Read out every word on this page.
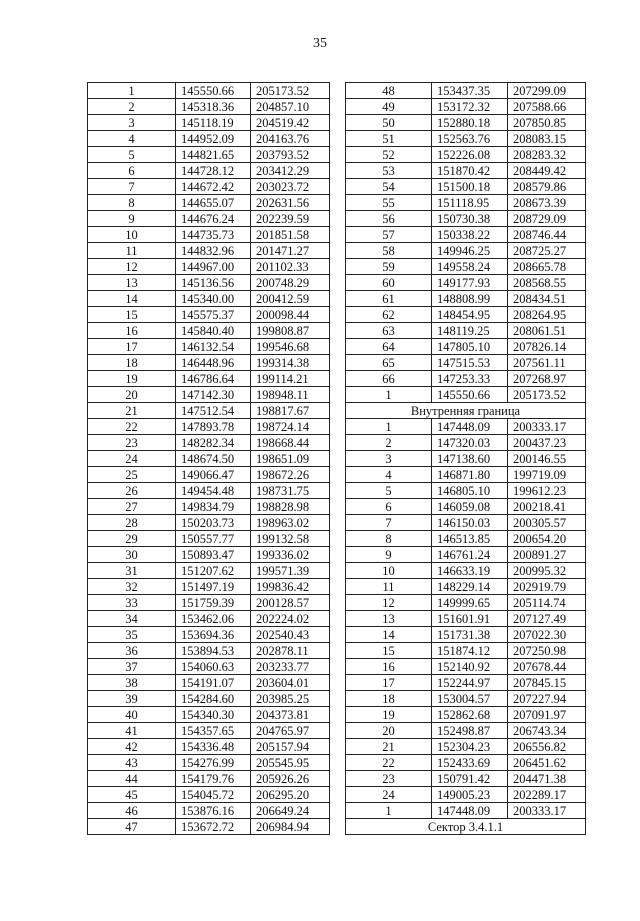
35
1	145550.66	205173.52
2	145318.36	204857.10
3	145118.19	204519.42
4	144952.09	204163.76
5	144821.65	203793.52
6	144728.12	203412.29
7	144672.42	203023.72
8	144655.07	202631.56
9	144676.24	202239.59
10	144735.73	201851.58
11	144832.96	201471.27
12	144967.00	201102.33
13	145136.56	200748.29
14	145340.00	200412.59
15	145575.37	200098.44
16	145840.40	199808.87
17	146132.54	199546.68
18	146448.96	199314.38
19	146786.64	199114.21
20	147142.30	198948.11
21	147512.54	198817.67
22	147893.78	198724.14
23	148282.34	198668.44
24	148674.50	198651.09
25	149066.47	198672.26
26	149454.48	198731.75
27	149834.79	198828.98
28	150203.73	198963.02
29	150557.77	199132.58
30	150893.47	199336.02
31	151207.62	199571.39
32	151497.19	199836.42
33	151759.39	200128.57
34	153462.06	202224.02
35	153694.36	202540.43
36	153894.53	202878.11
37	154060.63	203233.77
38	154191.07	203604.01
39	154284.60	203985.25
40	154340.30	204373.81
41	154357.65	204765.97
42	154336.48	205157.94
43	154276.99	205545.95
44	154179.76	205926.26
45	154045.72	206295.20
46	153876.16	206649.24
47	153672.72	206984.94
48	153437.35	207299.09
49	153172.32	207588.66
50	152880.18	207850.85
51	152563.76	208083.15
52	152226.08	208283.32
53	151870.42	208449.42
54	151500.18	208579.86
55	151118.95	208673.39
56	150730.38	208729.09
57	150338.22	208746.44
58	149946.25	208725.27
59	149558.24	208665.78
60	149177.93	208568.55
61	148808.99	208434.51
62	148454.95	208264.95
63	148119.25	208061.51
64	147805.10	207826.14
65	147515.53	207561.11
66	147253.33	207268.97
1	145550.66	205173.52
Внутренняя граница		
1	147448.09	200333.17
2	147320.03	200437.23
3	147138.60	200146.55
4	146871.80	199719.09
5	146805.10	199612.23
6	146059.08	200218.41
7	146150.03	200305.57
8	146513.85	200654.20
9	146761.24	200891.27
10	146633.19	200995.32
11	148229.14	202919.79
12	149999.65	205114.74
13	151601.91	207127.49
14	151731.38	207022.30
15	151874.12	207250.98
16	152140.92	207678.44
17	152244.97	207845.15
18	153004.57	207227.94
19	152862.68	207091.97
20	152498.87	206743.34
21	152304.23	206556.82
22	152433.69	206451.62
23	150791.42	204471.38
24	149005.23	202289.17
1	147448.09	200333.17
Сектор 3.4.1.1		
